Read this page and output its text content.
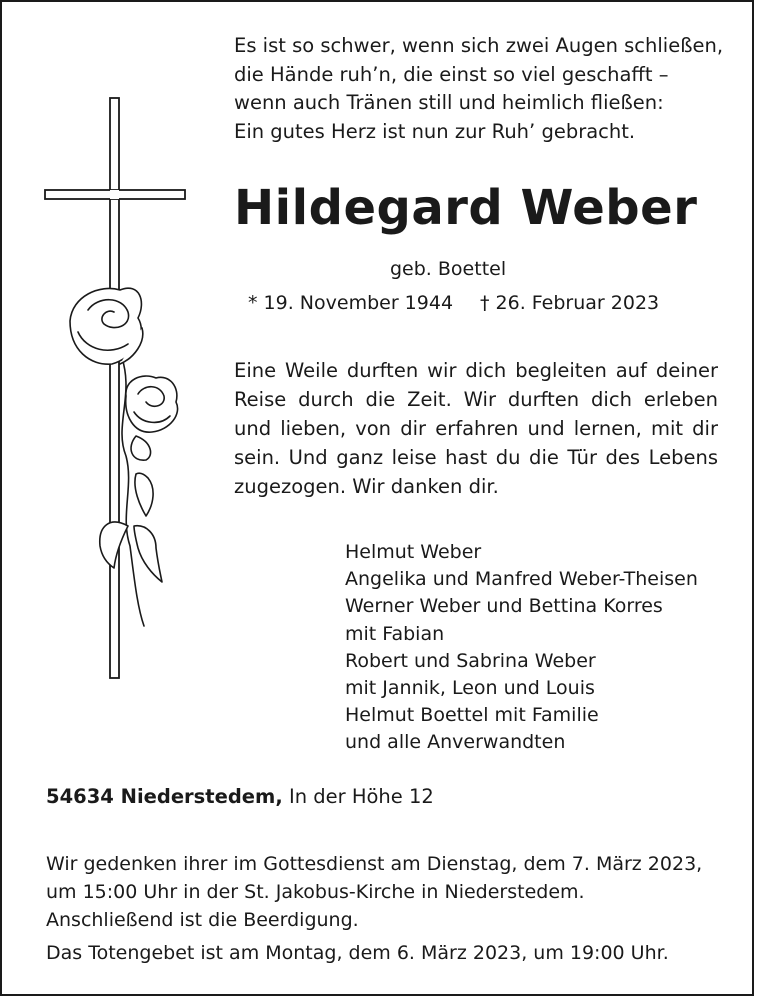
Es ist so schwer, wenn sich zwei Augen schließen,
die Hände ruh’n, die einst so viel geschafft –
wenn auch Tränen still und heimlich fließen:
Ein gutes Herz ist nun zur Ruh’ gebracht.
Hildegard Weber
geb. Boettel
* 19. November 1944 † 26. Februar 2023
Eine Weile durften wir dich begleiten auf deiner
Reise durch die Zeit. Wir durften dich erleben
und lieben, von dir erfahren und lernen, mit dir
sein. Und ganz leise hast du die Tür des Lebens
zugezogen. Wir danken dir.
Helmut Weber
Angelika und Manfred Weber-Theisen
Werner Weber und Bettina Korres
mit Fabian
Robert und Sabrina Weber
mit Jannik, Leon und Louis
Helmut Boettel mit Familie
und alle Anverwandten
54634 Niederstedem, In der Höhe 12
Wir gedenken ihrer im Gottesdienst am Dienstag, dem 7. März 2023,
um 15:00 Uhr in der St. Jakobus-Kirche in Niederstedem.
Anschließend ist die Beerdigung.
Das Totengebet ist am Montag, dem 6. März 2023, um 19:00 Uhr.
